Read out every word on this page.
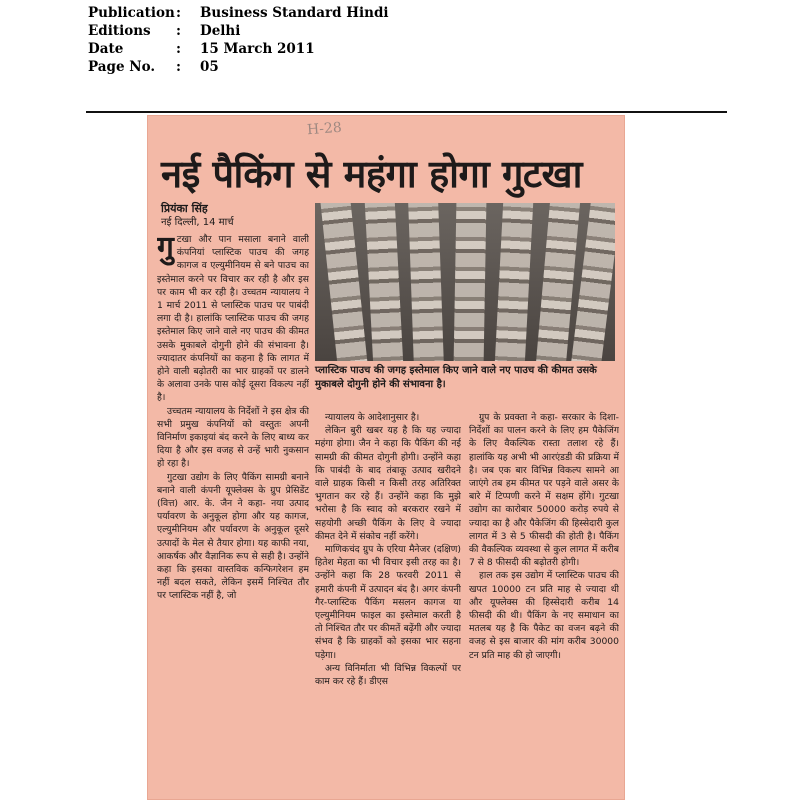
Publication :	Business Standard Hindi
Editions	:	Delhi
Date	:	15 March 2011
Page No.	:	05
H-28
नई पैकिंग से महंगा होगा गुटखा
प्रियंका सिंह
नई दिल्ली, 14 मार्च
प्लास्टिक पाउच की जगह इस्तेमाल किए जाने वाले नए पाउच की कीमत उसके मुकाबले दोगुनी होने की संभावना है।

गुटखा और पान मसाला बनाने वाली कंपनियां प्लास्टिक पाउच की जगह कागज व एल्युमीनियम से बने पाउच का इस्तेमाल करने पर विचार कर रही है और इस पर काम भी कर रही है। उच्चतम न्यायालय ने 1 मार्च 2011 से प्लास्टिक पाउच पर पाबंदी लगा दी है। हालांकि प्लास्टिक पाउच की जगह इस्तेमाल किए जाने वाले नए पाउच की कीमत उसके मुकाबले दोगुनी होने की संभावना है। ज्यादातर कंपनियों का कहना है कि लागत में होने वाली बढ़ोतरी का भार ग्राहकों पर डालने के अलावा उनके पास कोई दूसरा विकल्प नहीं है।

उच्चतम न्यायालय के निर्देशों ने इस क्षेत्र की सभी प्रमुख कंपनियों को वस्तुतः अपनी विनिर्माण इकाइयां बंद करने के लिए बाध्य कर दिया है और इस वजह से उन्हें भारी नुकसान हो रहा है।

गुटखा उद्योग के लिए पैकिंग सामग्री बनाने बनाने वाली कंपनी यूफ्लेक्स के ग्रुप प्रेसिडेंट (वित्त) आर. के. जैन ने कहा- नया उत्पाद पर्यावरण के अनुकूल होगा और यह कागज, एल्युमीनियम और पर्यावरण के अनुकूल दूसरे उत्पादों के मेल से तैयार होगा। यह काफी नया, आकर्षक और वैज्ञानिक रूप से सही है। उन्होंने कहा कि इसका वास्तविक कन्फिगरेशन हम नहीं बदल सकते, लेकिन इसमें निश्चित तौर पर प्लास्टिक नहीं है, जो

न्यायालय के आदेशानुसार है।

लेकिन बुरी खबर यह है कि यह ज्यादा महंगा होगा। जैन ने कहा कि पैकिंग की नई सामग्री की कीमत दोगुनी होगी। उन्होंने कहा कि पाबंदी के बाद तंबाकू उत्पाद खरीदने वाले ग्राहक किसी न किसी तरह अतिरिक्त भुगतान कर रहे हैं। उन्होंने कहा कि मुझे भरोसा है कि स्वाद को बरकरार रखने में सहयोगी अच्छी पैकिंग के लिए वे ज्यादा कीमत देने में संकोच नहीं करेंगे।

माणिकचंद ग्रुप के एरिया मैनेजर (दक्षिण) हितेश मेहता का भी विचार इसी तरह का है। उन्होंने कहा कि 28 फरवरी 2011 से हमारी कंपनी में उत्पादन बंद है। अगर कंपनी गैर-प्लास्टिक पैकिंग मसलन कागज या एल्युमीनियम फाइल का इस्तेमाल करती है तो निश्चित तौर पर कीमतें बढ़ेंगी और ज्यादा संभव है कि ग्राहकों को इसका भार सहना पड़ेगा।

अन्य विनिर्माता भी विभिन्न विकल्पों पर काम कर रहे हैं। डीएस

ग्रुप के प्रवक्ता ने कहा- सरकार के दिशा-निर्देशों का पालन करने के लिए हम पैकेजिंग के लिए वैकल्पिक रास्ता तलाश रहे हैं। हालांकि यह अभी भी आरएंडडी की प्रक्रिया में है। जब एक बार विभिन्न विकल्प सामने आ जाएंगे तब हम कीमत पर पड़ने वाले असर के बारे में टिप्पणी करने में सक्षम होंगे। गुटखा उद्योग का कारोबार 50000 करोड़ रुपये से ज्यादा का है और पैकेजिंग की हिस्सेदारी कुल लागत में 3 से 5 फीसदी की होती है। पैकिंग की वैकल्पिक व्यवस्था से कुल लागत में करीब 7 से 8 फीसदी की बढ़ोतरी होगी।

हाल तक इस उद्योग में प्लास्टिक पाउच की खपत 10000 टन प्रति माह से ज्यादा थी और यूफ्लेक्स की हिस्सेदारी करीब 14 फीसदी की थी। पैकिंग के नए समाधान का मतलब यह है कि पैकेट का वजन बढ़ने की वजह से इस बाजार की मांग करीब 30000 टन प्रति माह की हो जाएगी।
